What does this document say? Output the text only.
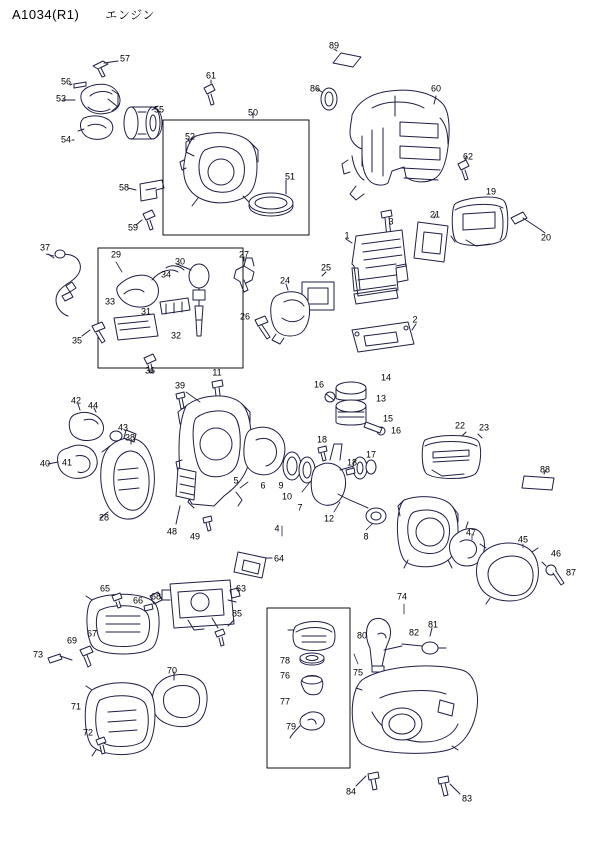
A1034(R1) エンジン
56
57
53
55
54
61
50
52
51
89
86	60
62
19
20
58
59
37
29
30
34
33
31
32
35
36
27
24
26
25
1
3
21
2
39
11
16
14
13
15
16
42 44
43
38
40 41
28
48 49
5 6 9
10
7
12
18
18
17
8
4
22 23
88
47
45
46
87
64
63
65
66 68
67
69
73
85
70
71
72
74
80	82
81
78
76
77
79
75
84
83
